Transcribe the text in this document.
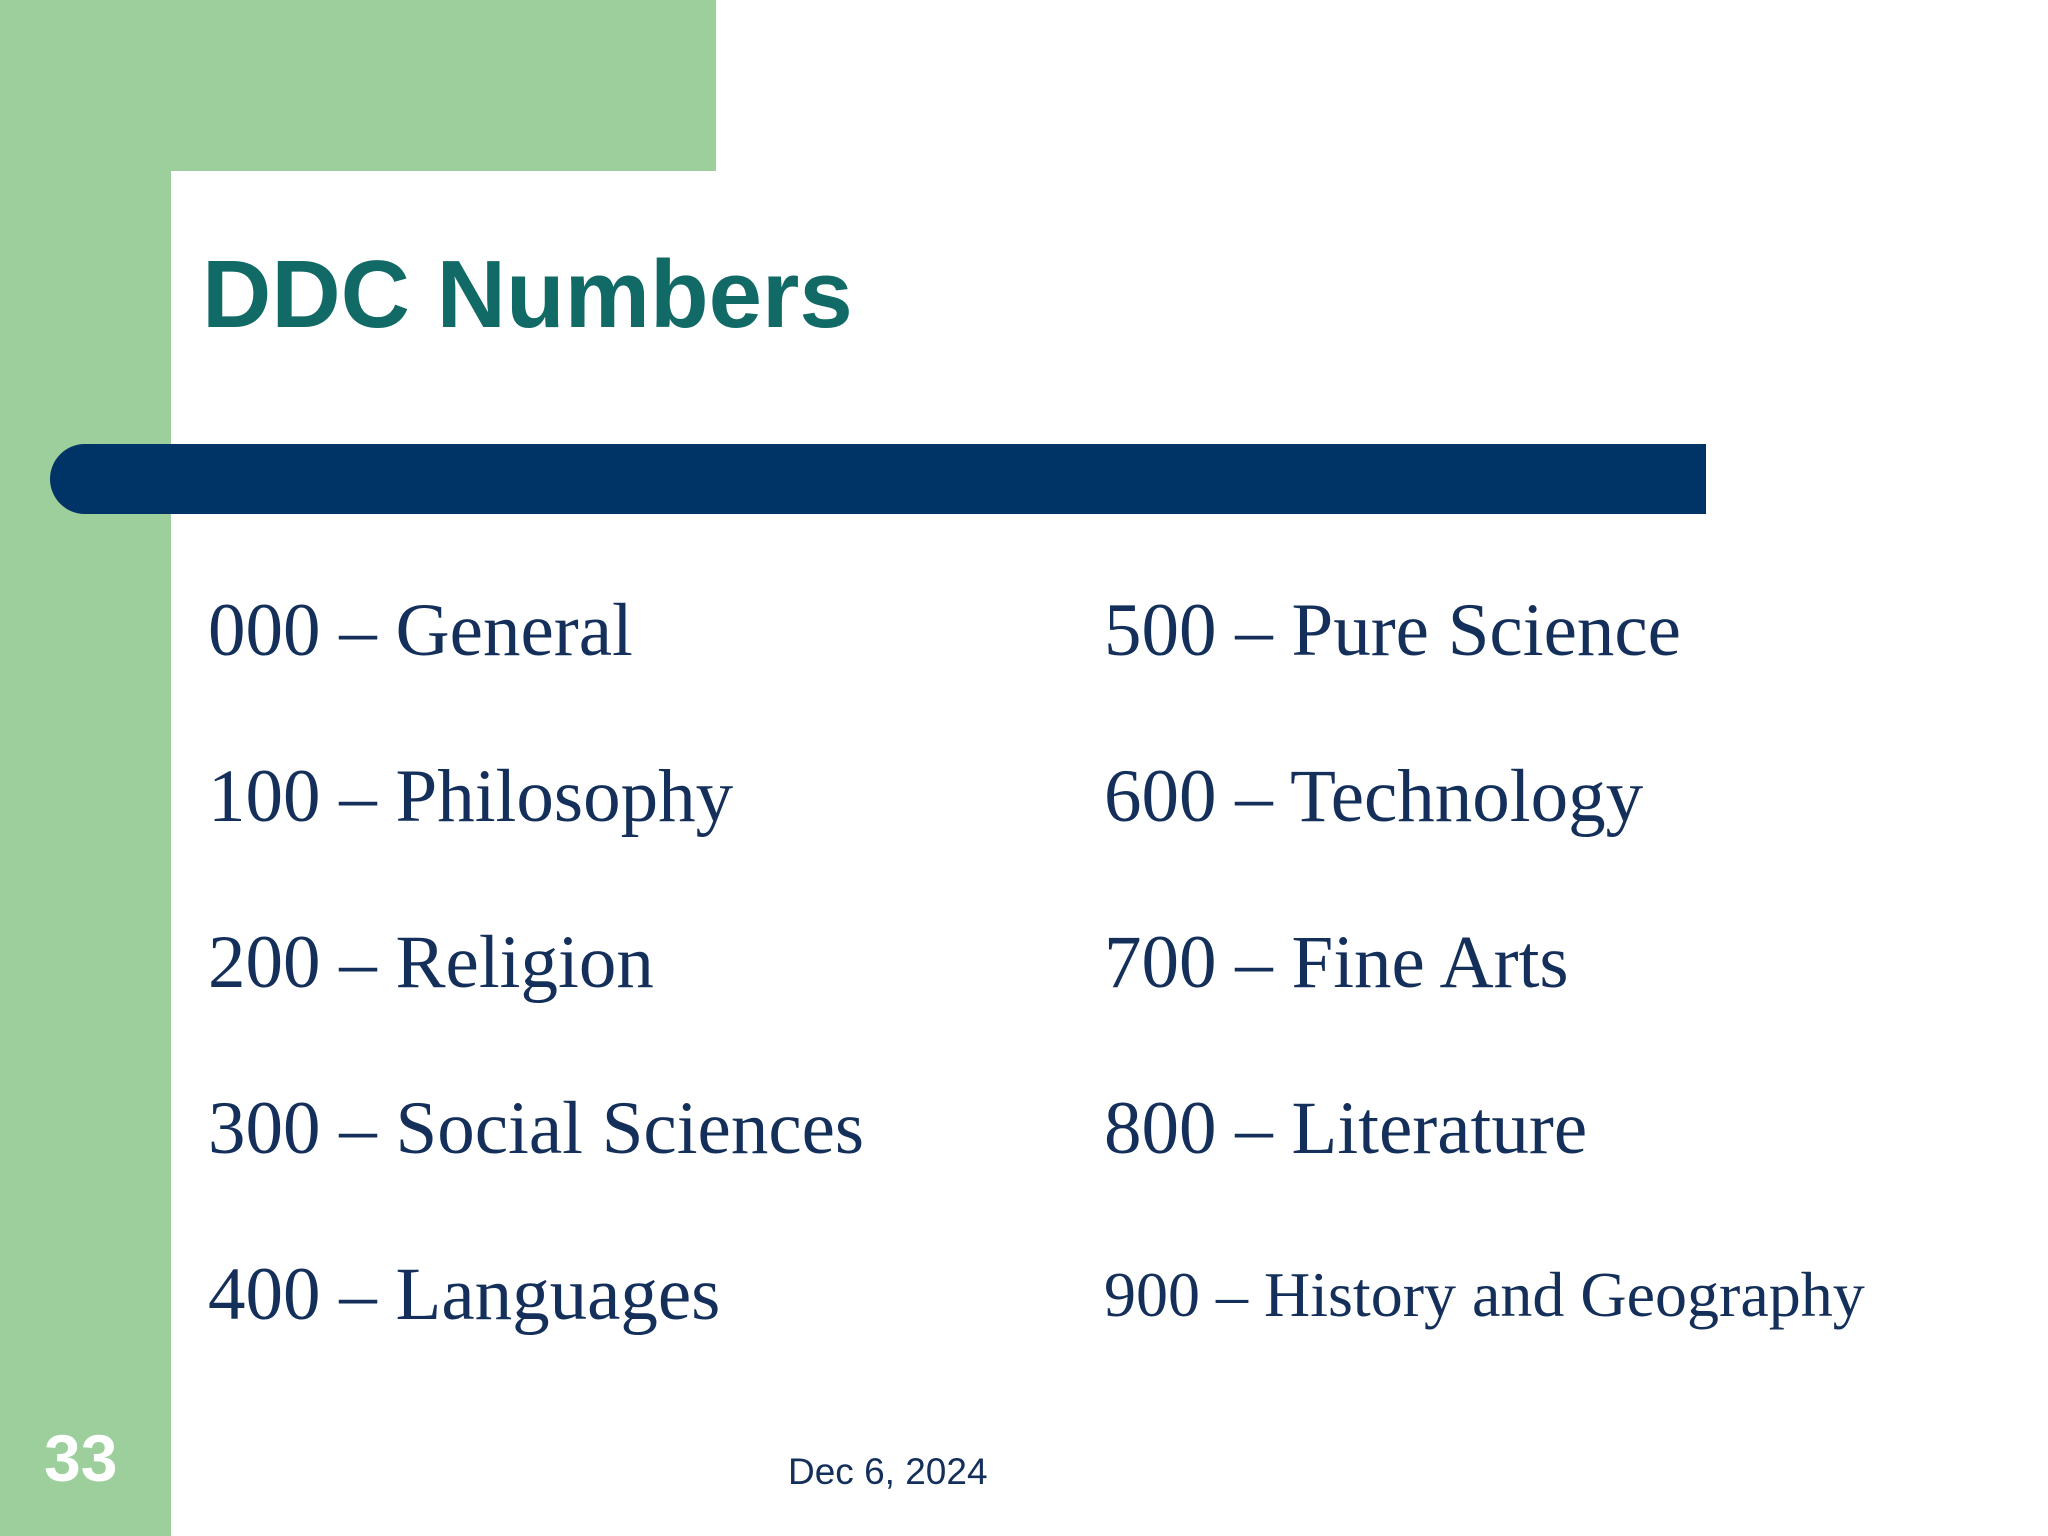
DDC Numbers
000 – General
100 – Philosophy
200 – Religion
300 – Social Sciences
400 – Languages
500 – Pure Science
600 – Technology
700 – Fine Arts
800 – Literature
900 – History and Geography
33	Dec 6, 2024
